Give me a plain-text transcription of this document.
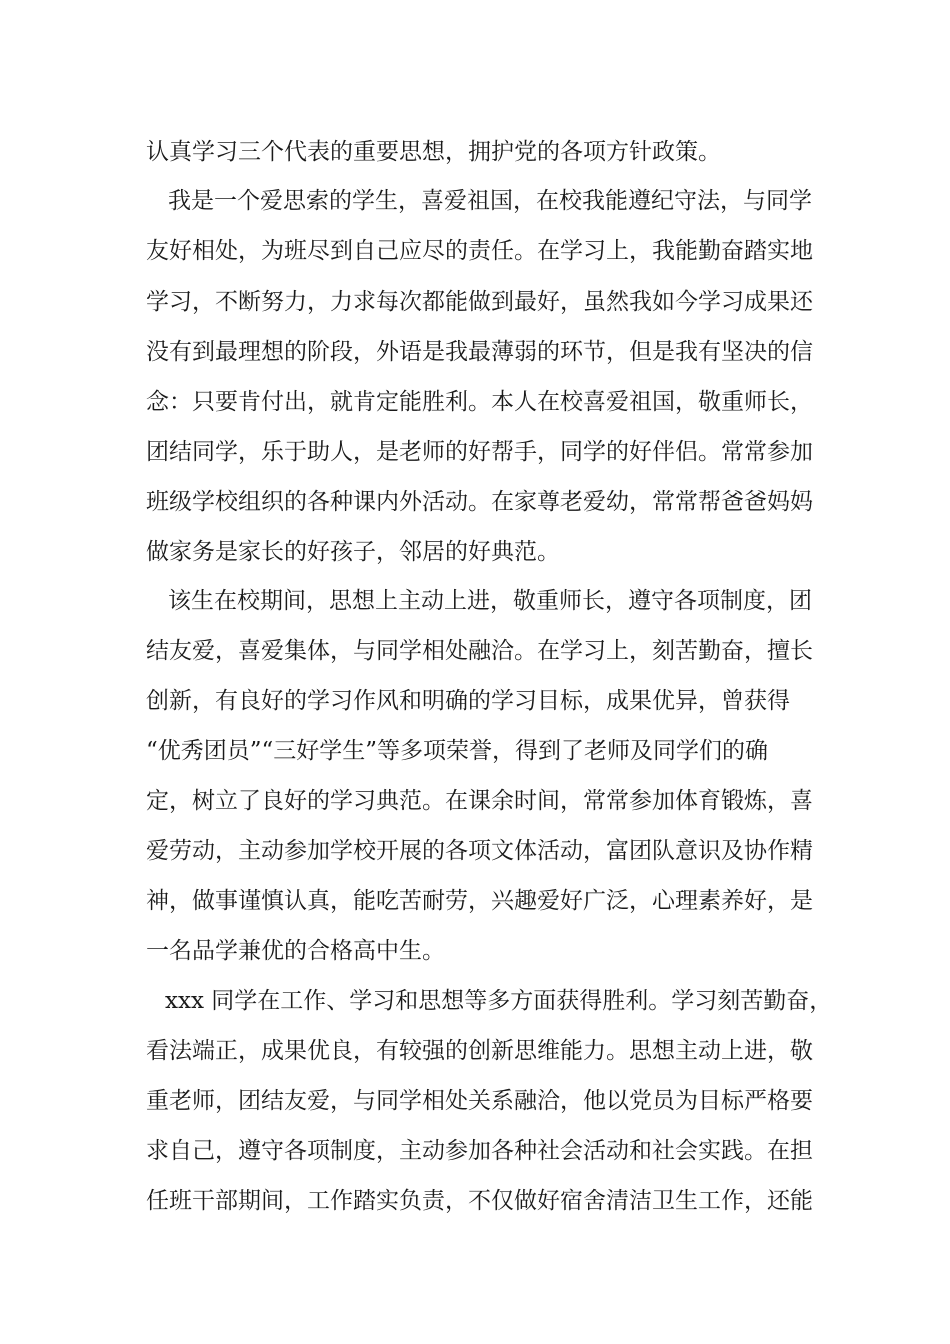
认真学习三个代表的重要思想，拥护党的各项方针政策。
我是一个爱思索的学生，喜爱祖国，在校我能遵纪守法，与同学
友好相处，为班尽到自己应尽的责任。在学习上，我能勤奋踏实地
学习，不断努力，力求每次都能做到最好，虽然我如今学习成果还
没有到最理想的阶段，外语是我最薄弱的环节，但是我有坚决的信
念：只要肯付出，就肯定能胜利。本人在校喜爱祖国，敬重师长，
团结同学，乐于助人，是老师的好帮手，同学的好伴侣。常常参加
班级学校组织的各种课内外活动。在家尊老爱幼，常常帮爸爸妈妈
做家务是家长的好孩子，邻居的好典范。
该生在校期间，思想上主动上进，敬重师长，遵守各项制度，团
结友爱，喜爱集体，与同学相处融洽。在学习上，刻苦勤奋，擅长
创新，有良好的学习作风和明确的学习目标，成果优异，曾获得
“优秀团员”“三好学生”等多项荣誉，得到了老师及同学们的确
定，树立了良好的学习典范。在课余时间，常常参加体育锻炼，喜
爱劳动，主动参加学校开展的各项文体活动，富团队意识及协作精
神，做事谨慎认真，能吃苦耐劳，兴趣爱好广泛，心理素养好，是
一名品学兼优的合格高中生。
xxx 同学在工作、学习和思想等多方面获得胜利。学习刻苦勤奋，
看法端正，成果优良，有较强的创新思维能力。思想主动上进，敬
重老师，团结友爱，与同学相处关系融洽，他以党员为目标严格要
求自己，遵守各项制度，主动参加各种社会活动和社会实践。在担
任班干部期间，工作踏实负责，不仅做好宿舍清洁卫生工作，还能
